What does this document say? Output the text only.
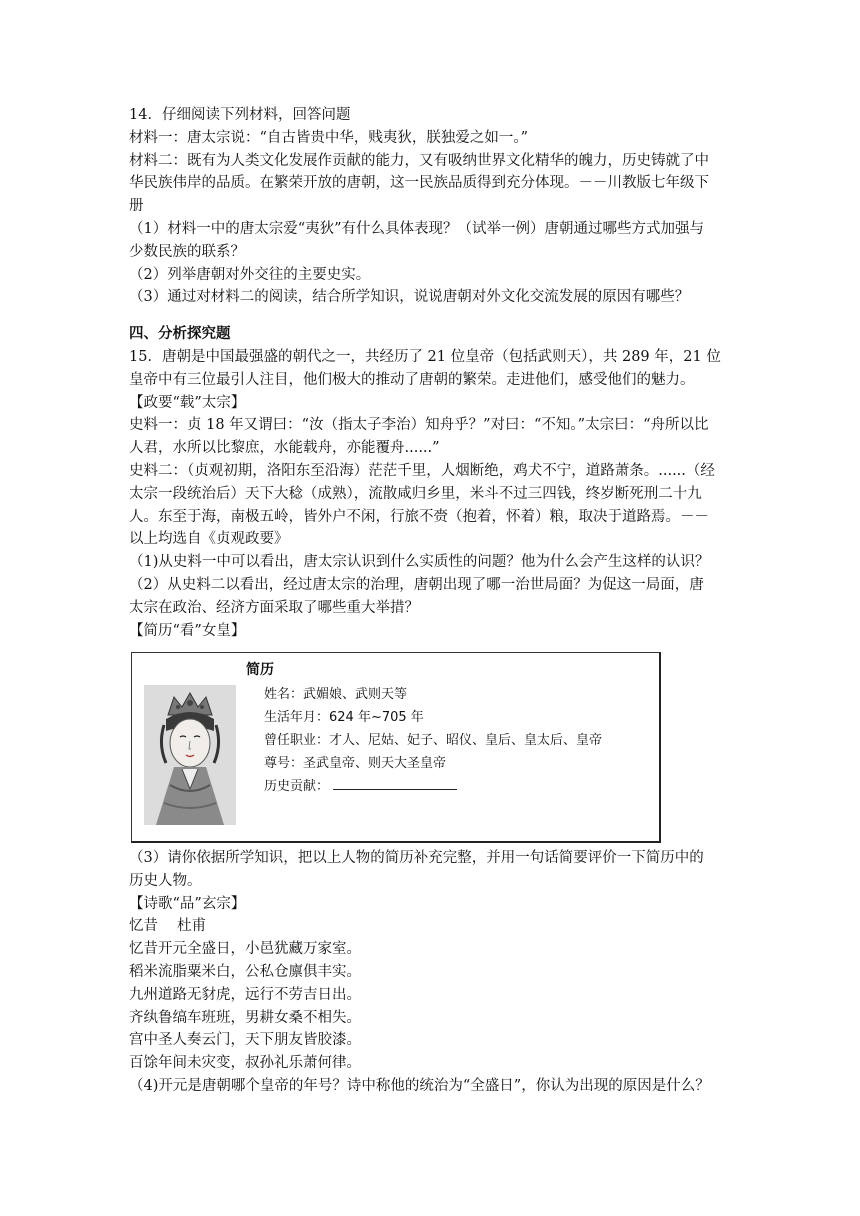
14．仔细阅读下列材料，回答问题
材料一：唐太宗说：“自古皆贵中华，贱夷狄，朕独爱之如一。”
材料二：既有为人类文化发展作贡献的能力，又有吸纳世界文化精华的魄力，历史铸就了中
华民族伟岸的品质。在繁荣开放的唐朝，这一民族品质得到充分体现。－－川教版七年级下
册
（1）材料一中的唐太宗爱“夷狄”有什么具体表现？（试举一例）唐朝通过哪些方式加强与
少数民族的联系？
（2）列举唐朝对外交往的主要史实。
（3）通过对材料二的阅读，结合所学知识，说说唐朝对外文化交流发展的原因有哪些？
四、分析探究题
15．唐朝是中国最强盛的朝代之一，共经历了 21 位皇帝（包括武则天），共 289 年，21 位
皇帝中有三位最引人注目，他们极大的推动了唐朝的繁荣。走进他们，感受他们的魅力。
【政要“载”太宗】
史料一：贞 18 年又谓曰：“汝（指太子李治）知舟乎？”对曰：“不知。”太宗曰：“舟所以比
人君，水所以比黎庶，水能载舟，亦能覆舟......”
史料二：（贞观初期，洛阳东至沿海）茫茫千里，人烟断绝，鸡犬不宁，道路萧条。......（经
太宗一段统治后）天下大稔（成熟），流散咸归乡里，米斗不过三四钱，终岁断死刑二十九
人。东至于海，南极五岭，皆外户不闲，行旅不赍（抱着，怀着）粮，取决于道路焉。－－
以上均选自《贞观政要》
（1)从史料一中可以看出，唐太宗认识到什么实质性的问题？他为什么会产生这样的认识？
（2）从史料二以看出，经过唐太宗的治理，唐朝出现了哪一治世局面？为促这一局面，唐
太宗在政治、经济方面采取了哪些重大举措？
【简历“看”女皇】
简历
姓名：武媚娘、武则天等
生活年月：624 年~705 年
曾任职业：才人、尼姑、妃子、昭仪、皇后、皇太后、皇帝
尊号：圣武皇帝、则天大圣皇帝
历史贡献：
（3）请你依据所学知识，把以上人物的简历补充完整，并用一句话简要评价一下简历中的
历史人物。
【诗歌“品”玄宗】
忆昔　 杜甫
忆昔开元全盛日，小邑犹藏万家室。
稻米流脂粟米白，公私仓廪俱丰实。
九州道路无豺虎，远行不劳吉日出。
齐纨鲁缟车班班，男耕女桑不相失。
宫中圣人奏云门，天下朋友皆胶漆。
百馀年间未灾变，叔孙礼乐萧何律。
（4)开元是唐朝哪个皇帝的年号？诗中称他的统治为“全盛日”，你认为出现的原因是什么？
